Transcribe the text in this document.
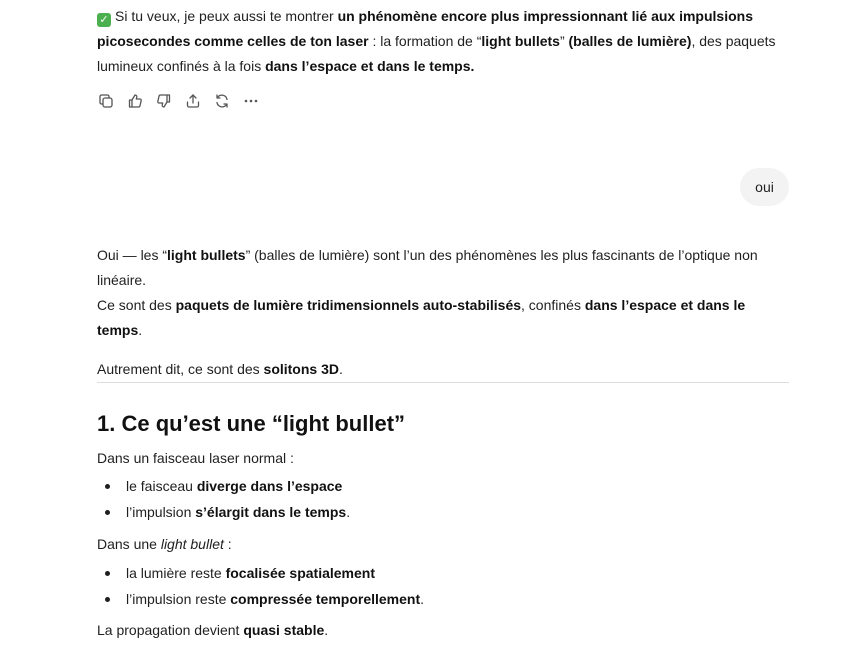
✓ Si tu veux, je peux aussi te montrer un phénomène encore plus impressionnant lié aux impulsions picosecondes comme celles de ton laser : la formation de “light bullets” (balles de lumière), des paquets lumineux confinés à la fois dans l’espace et dans le temps.

oui

Oui — les “light bullets” (balles de lumière) sont l’un des phénomènes les plus fascinants de l’optique non linéaire.

Ce sont des paquets de lumière tridimensionnels auto-stabilisés, confinés dans l’espace et dans le temps.

Autrement dit, ce sont des solitons 3D.

1. Ce qu’est une “light bullet”

Dans un faisceau laser normal :

le faisceau diverge dans l’espace
l’impulsion s’élargit dans le temps.

Dans une light bullet :

la lumière reste focalisée spatialement
l’impulsion reste compressée temporellement.

La propagation devient quasi stable.
